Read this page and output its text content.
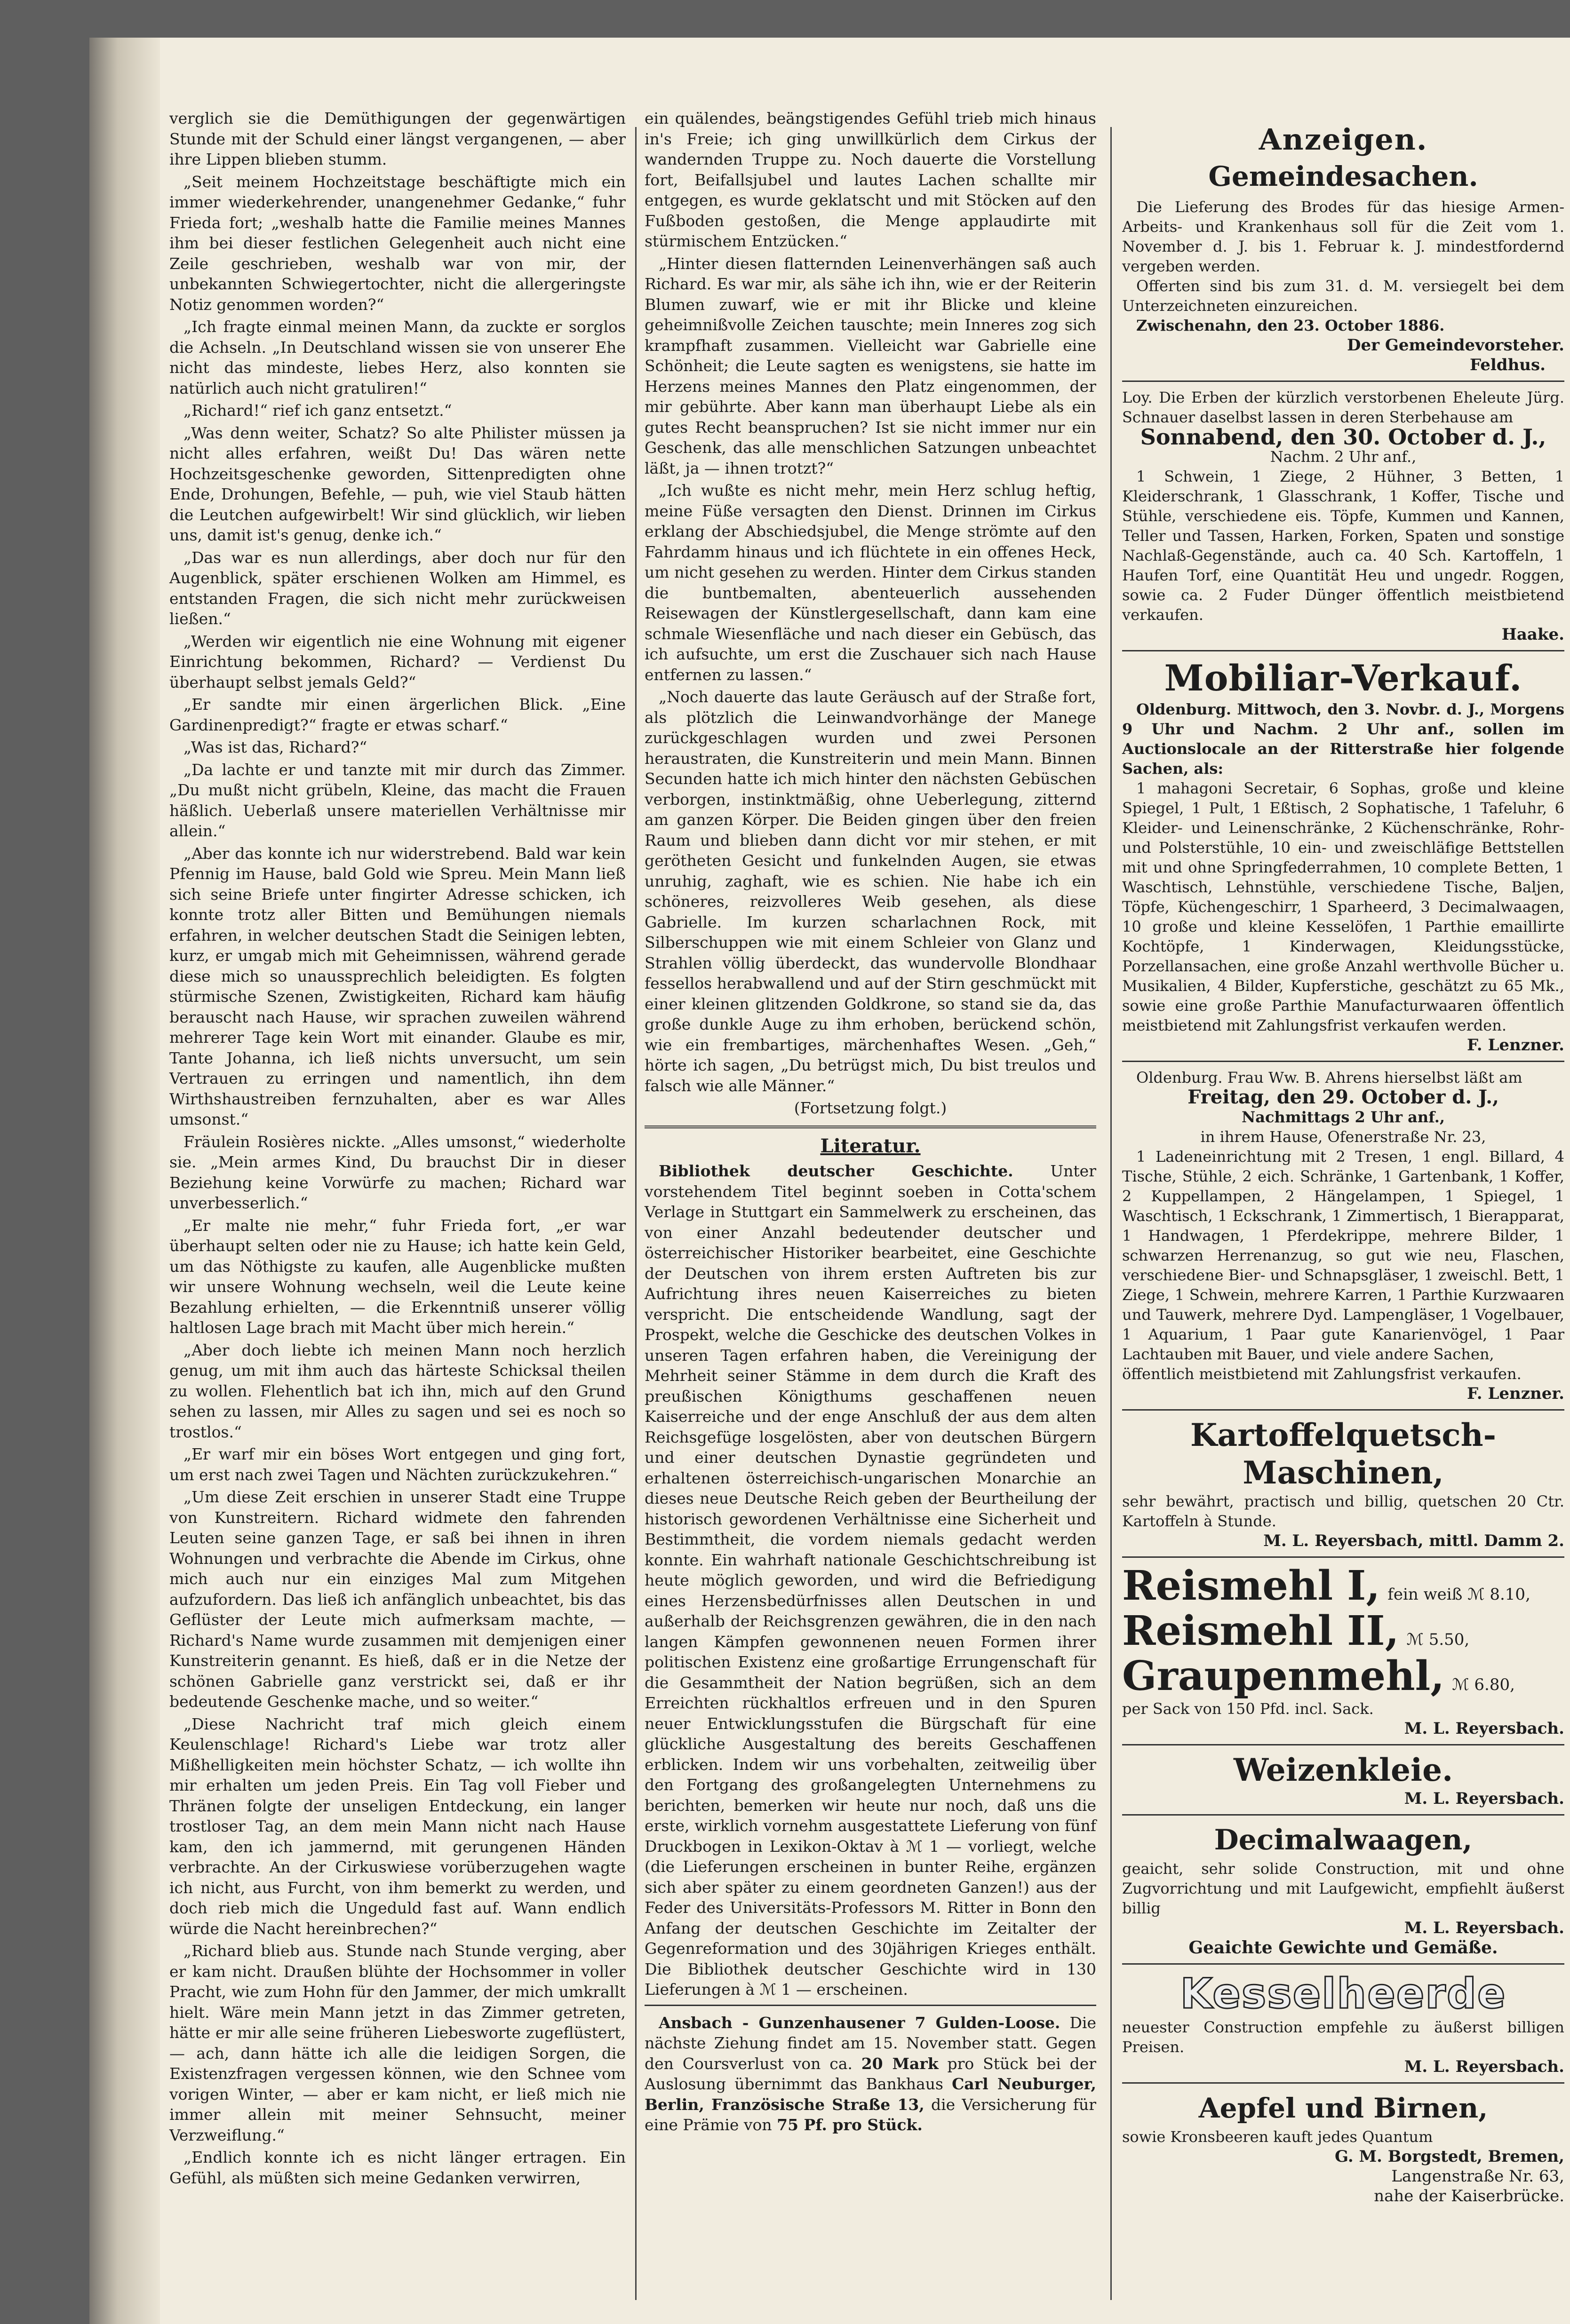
verglich sie die Demüthigungen der gegenwärtigen Stunde mit der Schuld einer längst vergangenen, — aber ihre Lippen blieben stumm.

„Seit meinem Hochzeitstage beschäftigte mich ein immer wiederkehrender, unangenehmer Gedanke,“ fuhr Frieda fort; „weshalb hatte die Familie meines Mannes ihm bei dieser festlichen Gelegenheit auch nicht eine Zeile geschrieben, weshalb war von mir, der unbekannten Schwiegertochter, nicht die allergeringste Notiz genommen worden?“

„Ich fragte einmal meinen Mann, da zuckte er sorglos die Achseln. „In Deutschland wissen sie von unserer Ehe nicht das mindeste, liebes Herz, also konnten sie natürlich auch nicht gratuliren!“

„Richard!“ rief ich ganz entsetzt.“

„Was denn weiter, Schatz? So alte Philister müssen ja nicht alles erfahren, weißt Du! Das wären nette Hochzeitsgeschenke geworden, Sittenpredigten ohne Ende, Drohungen, Befehle, — puh, wie viel Staub hätten die Leutchen aufgewirbelt! Wir sind glücklich, wir lieben uns, damit ist's genug, denke ich.“

„Das war es nun allerdings, aber doch nur für den Augenblick, später erschienen Wolken am Himmel, es entstanden Fragen, die sich nicht mehr zurückweisen ließen.“

„Werden wir eigentlich nie eine Wohnung mit eigener Einrichtung bekommen, Richard? — Verdienst Du überhaupt selbst jemals Geld?“

„Er sandte mir einen ärgerlichen Blick. „Eine Gardinenpredigt?“ fragte er etwas scharf.“

„Was ist das, Richard?“

„Da lachte er und tanzte mit mir durch das Zimmer. „Du mußt nicht grübeln, Kleine, das macht die Frauen häßlich. Ueberlaß unsere materiellen Verhältnisse mir allein.“

„Aber das konnte ich nur widerstrebend. Bald war kein Pfennig im Hause, bald Gold wie Spreu. Mein Mann ließ sich seine Briefe unter fingirter Adresse schicken, ich konnte trotz aller Bitten und Bemühungen niemals erfahren, in welcher deutschen Stadt die Seinigen lebten, kurz, er umgab mich mit Geheimnissen, während gerade diese mich so unaussprechlich beleidigten. Es folgten stürmische Szenen, Zwistigkeiten, Richard kam häufig berauscht nach Hause, wir sprachen zuweilen während mehrerer Tage kein Wort mit einander. Glaube es mir, Tante Johanna, ich ließ nichts unversucht, um sein Vertrauen zu erringen und namentlich, ihn dem Wirthshaustreiben fernzuhalten, aber es war Alles umsonst.“

Fräulein Rosières nickte. „Alles umsonst,“ wiederholte sie. „Mein armes Kind, Du brauchst Dir in dieser Beziehung keine Vorwürfe zu machen; Richard war unverbesserlich.“

„Er malte nie mehr,“ fuhr Frieda fort, „er war überhaupt selten oder nie zu Hause; ich hatte kein Geld, um das Nöthigste zu kaufen, alle Augenblicke mußten wir unsere Wohnung wechseln, weil die Leute keine Bezahlung erhielten, — die Erkenntniß unserer völlig haltlosen Lage brach mit Macht über mich herein.“

„Aber doch liebte ich meinen Mann noch herzlich genug, um mit ihm auch das härteste Schicksal theilen zu wollen. Flehentlich bat ich ihn, mich auf den Grund sehen zu lassen, mir Alles zu sagen und sei es noch so trostlos.“

„Er warf mir ein böses Wort entgegen und ging fort, um erst nach zwei Tagen und Nächten zurückzukehren.“

„Um diese Zeit erschien in unserer Stadt eine Truppe von Kunstreitern. Richard widmete den fahrenden Leuten seine ganzen Tage, er saß bei ihnen in ihren Wohnungen und verbrachte die Abende im Cirkus, ohne mich auch nur ein einziges Mal zum Mitgehen aufzufordern. Das ließ ich anfänglich unbeachtet, bis das Geflüster der Leute mich aufmerksam machte, — Richard's Name wurde zusammen mit demjenigen einer Kunstreiterin genannt. Es hieß, daß er in die Netze der schönen Gabrielle ganz verstrickt sei, daß er ihr bedeutende Geschenke mache, und so weiter.“

„Diese Nachricht traf mich gleich einem Keulenschlage! Richard's Liebe war trotz aller Mißhelligkeiten mein höchster Schatz, — ich wollte ihn mir erhalten um jeden Preis. Ein Tag voll Fieber und Thränen folgte der unseligen Entdeckung, ein langer trostloser Tag, an dem mein Mann nicht nach Hause kam, den ich jammernd, mit gerungenen Händen verbrachte. An der Cirkuswiese vorüberzugehen wagte ich nicht, aus Furcht, von ihm bemerkt zu werden, und doch rieb mich die Ungeduld fast auf. Wann endlich würde die Nacht hereinbrechen?“

„Richard blieb aus. Stunde nach Stunde verging, aber er kam nicht. Draußen blühte der Hochsommer in voller Pracht, wie zum Hohn für den Jammer, der mich umkrallt hielt. Wäre mein Mann jetzt in das Zimmer getreten, hätte er mir alle seine früheren Liebesworte zugeflüstert, — ach, dann hätte ich alle die leidigen Sorgen, die Existenzfragen vergessen können, wie den Schnee vom vorigen Winter, — aber er kam nicht, er ließ mich nie immer allein mit meiner Sehnsucht, meiner Verzweiflung.“

„Endlich konnte ich es nicht länger ertragen. Ein Gefühl, als müßten sich meine Gedanken verwirren,

ein quälendes, beängstigendes Gefühl trieb mich hinaus in's Freie; ich ging unwillkürlich dem Cirkus der wandernden Truppe zu. Noch dauerte die Vorstellung fort, Beifallsjubel und lautes Lachen schallte mir entgegen, es wurde geklatscht und mit Stöcken auf den Fußboden gestoßen, die Menge applaudirte mit stürmischem Entzücken.“

„Hinter diesen flatternden Leinenverhängen saß auch Richard. Es war mir, als sähe ich ihn, wie er der Reiterin Blumen zuwarf, wie er mit ihr Blicke und kleine geheimnißvolle Zeichen tauschte; mein Inneres zog sich krampfhaft zusammen. Vielleicht war Gabrielle eine Schönheit; die Leute sagten es wenigstens, sie hatte im Herzens meines Mannes den Platz eingenommen, der mir gebührte. Aber kann man überhaupt Liebe als ein gutes Recht beanspruchen? Ist sie nicht immer nur ein Geschenk, das alle menschlichen Satzungen unbeachtet läßt, ja — ihnen trotzt?“

„Ich wußte es nicht mehr, mein Herz schlug heftig, meine Füße versagten den Dienst. Drinnen im Cirkus erklang der Abschiedsjubel, die Menge strömte auf den Fahrdamm hinaus und ich flüchtete in ein offenes Heck, um nicht gesehen zu werden. Hinter dem Cirkus standen die buntbemalten, abenteuerlich aussehenden Reisewagen der Künstlergesellschaft, dann kam eine schmale Wiesenfläche und nach dieser ein Gebüsch, das ich aufsuchte, um erst die Zuschauer sich nach Hause entfernen zu lassen.“

„Noch dauerte das laute Geräusch auf der Straße fort, als plötzlich die Leinwandvorhänge der Manege zurückgeschlagen wurden und zwei Personen heraustraten, die Kunstreiterin und mein Mann. Binnen Secunden hatte ich mich hinter den nächsten Gebüschen verborgen, instinktmäßig, ohne Ueberlegung, zitternd am ganzen Körper. Die Beiden gingen über den freien Raum und blieben dann dicht vor mir stehen, er mit gerötheten Gesicht und funkelnden Augen, sie etwas unruhig, zaghaft, wie es schien. Nie habe ich ein schöneres, reizvolleres Weib gesehen, als diese Gabrielle. Im kurzen scharlachnen Rock, mit Silberschuppen wie mit einem Schleier von Glanz und Strahlen völlig überdeckt, das wundervolle Blondhaar fessellos herabwallend und auf der Stirn geschmückt mit einer kleinen glitzenden Goldkrone, so stand sie da, das große dunkle Auge zu ihm erhoben, berückend schön, wie ein frembartiges, märchenhaftes Wesen. „Geh,“ hörte ich sagen, „Du betrügst mich, Du bist treulos und falsch wie alle Männer.“

(Fortsetzung folgt.)
Literatur.

Bibliothek deutscher Geschichte. Unter vorstehendem Titel beginnt soeben in Cotta'schem Verlage in Stuttgart ein Sammelwerk zu erscheinen, das von einer Anzahl bedeutender deutscher und österreichischer Historiker bearbeitet, eine Geschichte der Deutschen von ihrem ersten Auftreten bis zur Aufrichtung ihres neuen Kaiserreiches zu bieten verspricht. Die entscheidende Wandlung, sagt der Prospekt, welche die Geschicke des deutschen Volkes in unseren Tagen erfahren haben, die Vereinigung der Mehrheit seiner Stämme in dem durch die Kraft des preußischen Königthums geschaffenen neuen Kaiserreiche und der enge Anschluß der aus dem alten Reichsgefüge losgelösten, aber von deutschen Bürgern und einer deutschen Dynastie gegründeten und erhaltenen österreichisch-ungarischen Monarchie an dieses neue Deutsche Reich geben der Beurtheilung der historisch gewordenen Verhältnisse eine Sicherheit und Bestimmtheit, die vordem niemals gedacht werden konnte. Ein wahrhaft nationale Geschichtschreibung ist heute möglich geworden, und wird die Befriedigung eines Herzensbedürfnisses allen Deutschen in und außerhalb der Reichsgrenzen gewähren, die in den nach langen Kämpfen gewonnenen neuen Formen ihrer politischen Existenz eine großartige Errungenschaft für die Gesammtheit der Nation begrüßen, sich an dem Erreichten rückhaltlos erfreuen und in den Spuren neuer Entwicklungsstufen die Bürgschaft für eine glückliche Ausgestaltung des bereits Geschaffenen erblicken. Indem wir uns vorbehalten, zeitweilig über den Fortgang des großangelegten Unternehmens zu berichten, bemerken wir heute nur noch, daß uns die erste, wirklich vornehm ausgestattete Lieferung von fünf Druckbogen in Lexikon-Oktav à ℳ 1 — vorliegt, welche (die Lieferungen erscheinen in bunter Reihe, ergänzen sich aber später zu einem geordneten Ganzen!) aus der Feder des Universitäts-Professors M. Ritter in Bonn den Anfang der deutschen Geschichte im Zeitalter der Gegenreformation und des 30jährigen Krieges enthält. Die Bibliothek deutscher Geschichte wird in 130 Lieferungen à ℳ 1 — erscheinen.

Ansbach - Gunzenhausener 7 Gulden-Loose. Die nächste Ziehung findet am 15. November statt. Gegen den Coursverlust von ca. 20 Mark pro Stück bei der Auslosung übernimmt das Bankhaus Carl Neuburger, Berlin, Französische Straße 13, die Versicherung für eine Prämie von 75 Pf. pro Stück.

Anzeigen.
Gemeindesachen.

Die Lieferung des Brodes für das hiesige Armen-Arbeits- und Krankenhaus soll für die Zeit vom 1. November d. J. bis 1. Februar k. J. mindestfordernd vergeben werden.

Offerten sind bis zum 31. d. M. versiegelt bei dem Unterzeichneten einzureichen.

Zwischenahn, den 23. October 1886.

Der Gemeindevorsteher.

Feldhus.

Loy. Die Erben der kürzlich verstorbenen Eheleute Jürg. Schnauer daselbst lassen in deren Sterbehause am

Sonnabend, den 30. October d. J.,

Nachm. 2 Uhr anf.,

1 Schwein, 1 Ziege, 2 Hühner, 3 Betten, 1 Kleiderschrank, 1 Glasschrank, 1 Koffer, Tische und Stühle, verschiedene eis. Töpfe, Kummen und Kannen, Teller und Tassen, Harken, Forken, Spaten und sonstige Nachlaß-Gegenstände, auch ca. 40 Sch. Kartoffeln, 1 Haufen Torf, eine Quantität Heu und ungedr. Roggen, sowie ca. 2 Fuder Dünger öffentlich meistbietend verkaufen.

Haake.

Mobiliar-Verkauf.

Oldenburg. Mittwoch, den 3. Novbr. d. J., Morgens 9 Uhr und Nachm. 2 Uhr anf., sollen im Auctionslocale an der Ritterstraße hier folgende Sachen, als:

1 mahagoni Secretair, 6 Sophas, große und kleine Spiegel, 1 Pult, 1 Eßtisch, 2 Sophatische, 1 Tafeluhr, 6 Kleider- und Leinenschränke, 2 Küchenschränke, Rohr- und Polsterstühle, 10 ein- und zweischläfige Bettstellen mit und ohne Springfederrahmen, 10 complete Betten, 1 Waschtisch, Lehnstühle, verschiedene Tische, Baljen, Töpfe, Küchengeschirr, 1 Sparheerd, 3 Decimalwaagen, 10 große und kleine Kesselöfen, 1 Parthie emaillirte Kochtöpfe, 1 Kinderwagen, Kleidungsstücke, Porzellansachen, eine große Anzahl werthvolle Bücher u. Musikalien, 4 Bilder, Kupferstiche, geschätzt zu 65 Mk., sowie eine große Parthie Manufacturwaaren öffentlich meistbietend mit Zahlungsfrist verkaufen werden.

F. Lenzner.

Oldenburg. Frau Ww. B. Ahrens hierselbst läßt am

Freitag, den 29. October d. J.,

Nachmittags 2 Uhr anf.,

in ihrem Hause, Ofenerstraße Nr. 23,

1 Ladeneinrichtung mit 2 Tresen, 1 engl. Billard, 4 Tische, Stühle, 2 eich. Schränke, 1 Gartenbank, 1 Koffer, 2 Kuppellampen, 2 Hängelampen, 1 Spiegel, 1 Waschtisch, 1 Eckschrank, 1 Zimmertisch, 1 Bierapparat, 1 Handwagen, 1 Pferdekrippe, mehrere Bilder, 1 schwarzen Herrenanzug, so gut wie neu, Flaschen, verschiedene Bier- und Schnapsgläser, 1 zweischl. Bett, 1 Ziege, 1 Schwein, mehrere Karren, 1 Parthie Kurzwaaren und Tauwerk, mehrere Dyd. Lampengläser, 1 Vogelbauer, 1 Aquarium, 1 Paar gute Kanarienvögel, 1 Paar Lachtauben mit Bauer, und viele andere Sachen,

öffentlich meistbietend mit Zahlungsfrist verkaufen.

F. Lenzner.

Kartoffelquetsch-Maschinen,

sehr bewährt, practisch und billig, quetschen 20 Ctr. Kartoffeln à Stunde.

M. L. Reyersbach, mittl. Damm 2.

Reismehl I, fein weiß ℳ 8.10,
Reismehl II, ℳ 5.50,
Graupenmehl, ℳ 6.80,

per Sack von 150 Pfd. incl. Sack.

M. L. Reyersbach.

Weizenkleie.

M. L. Reyersbach.

Decimalwaagen,

geaicht, sehr solide Construction, mit und ohne Zugvorrichtung und mit Laufgewicht, empfiehlt äußerst billig

M. L. Reyersbach.

Geaichte Gewichte und Gemäße.

Kesselheerde

neuester Construction empfehle zu äußerst billigen Preisen.

M. L. Reyersbach.

Aepfel und Birnen,

sowie Kronsbeeren kauft jedes Quantum

G. M. Borgstedt, Bremen,

Langenstraße Nr. 63,

nahe der Kaiserbrücke.
